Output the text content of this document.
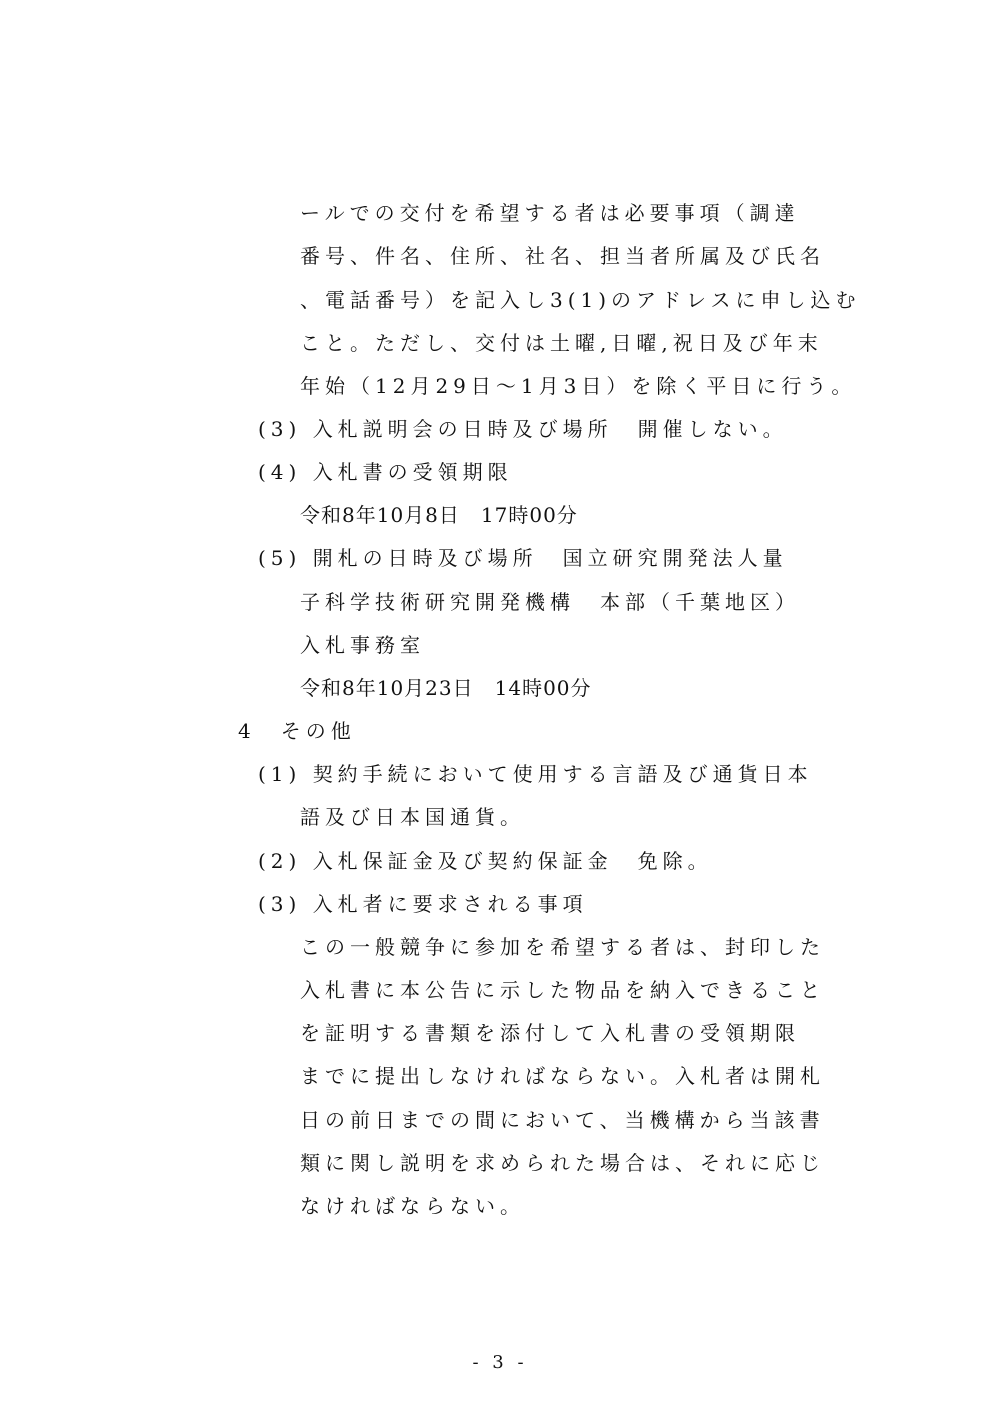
ールでの交付を希望する者は必要事項（調達
番号、件名、住所、社名、担当者所属及び氏名
、電話番号）を記入し3(1)のアドレスに申し込む
こと。ただし、交付は土曜,日曜,祝日及び年末
年始（12月29日～1月3日）を除く平日に行う。
(3) 入札説明会の日時及び場所　開催しない。
(4) 入札書の受領期限
令和8年10月8日　17時00分
(5) 開札の日時及び場所　国立研究開発法人量
子科学技術研究開発機構　本部（千葉地区）
入札事務室
令和8年10月23日　14時00分
4　その他
(1) 契約手続において使用する言語及び通貨日本
語及び日本国通貨。
(2) 入札保証金及び契約保証金　免除。
(3) 入札者に要求される事項
この一般競争に参加を希望する者は、封印した
入札書に本公告に示した物品を納入できること
を証明する書類を添付して入札書の受領期限
までに提出しなければならない。入札者は開札
日の前日までの間において、当機構から当該書
類に関し説明を求められた場合は、それに応じ
なければならない。
- 3 -
